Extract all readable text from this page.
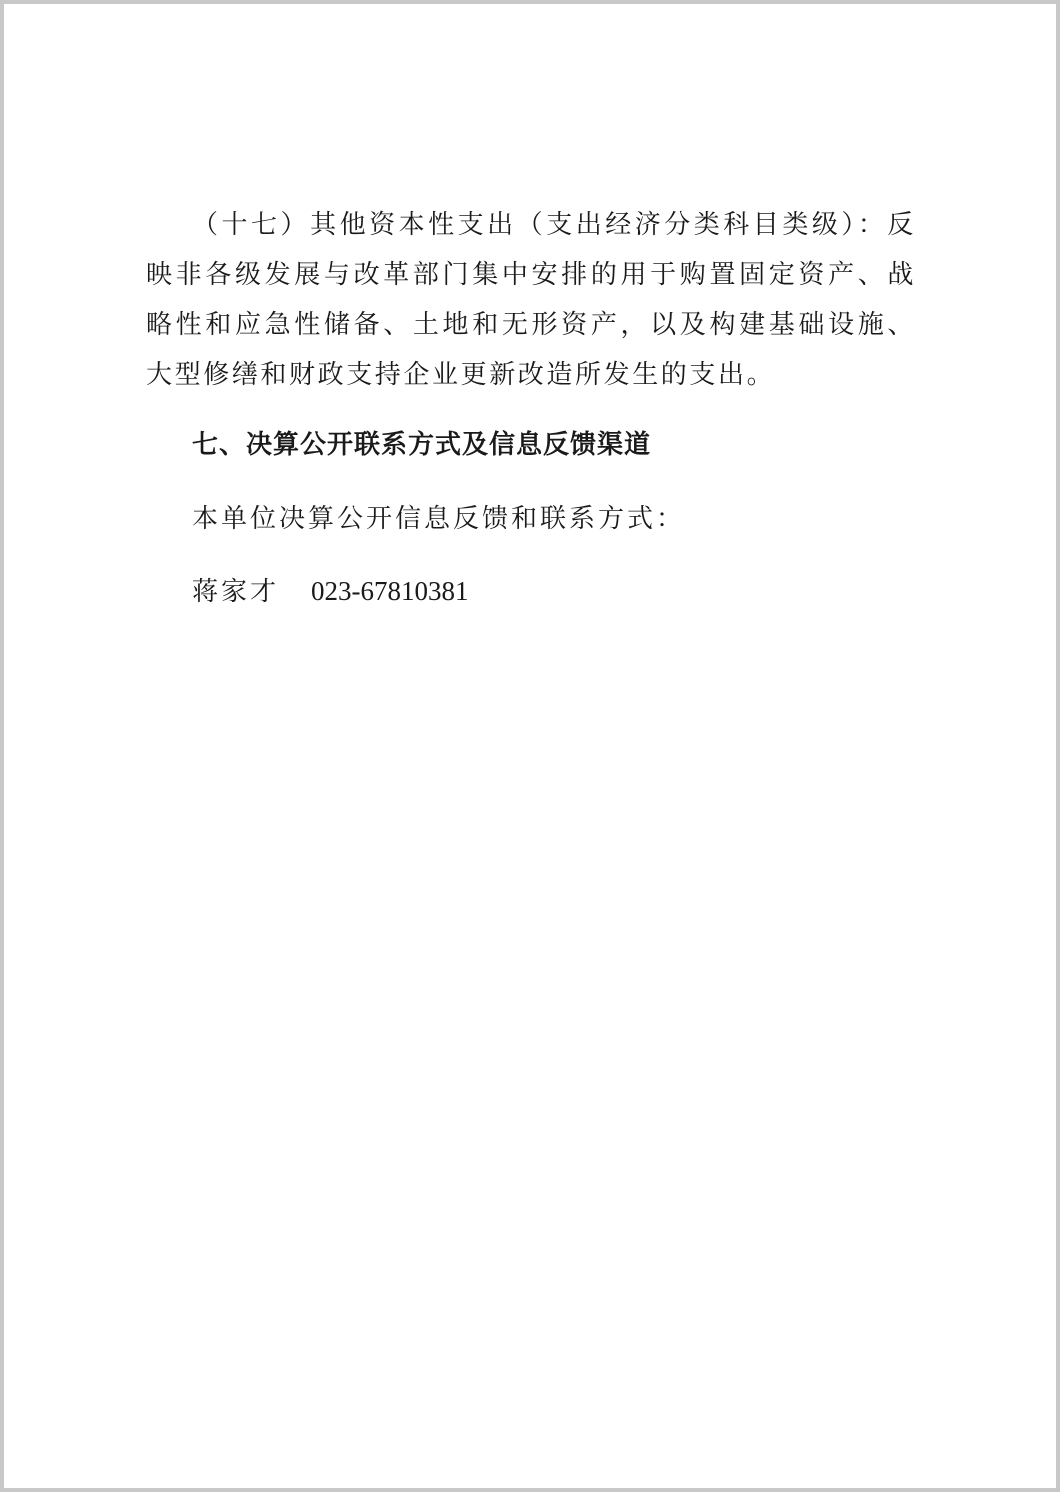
（十七）其他资本性支出（支出经济分类科目类级）：反映非各级发展与改革部门集中安排的用于购置固定资产、战略性和应急性储备、土地和无形资产，以及构建基础设施、大型修缮和财政支持企业更新改造所发生的支出。

七、决算公开联系方式及信息反馈渠道
本单位决算公开信息反馈和联系方式：
蒋家才 023-67810381
